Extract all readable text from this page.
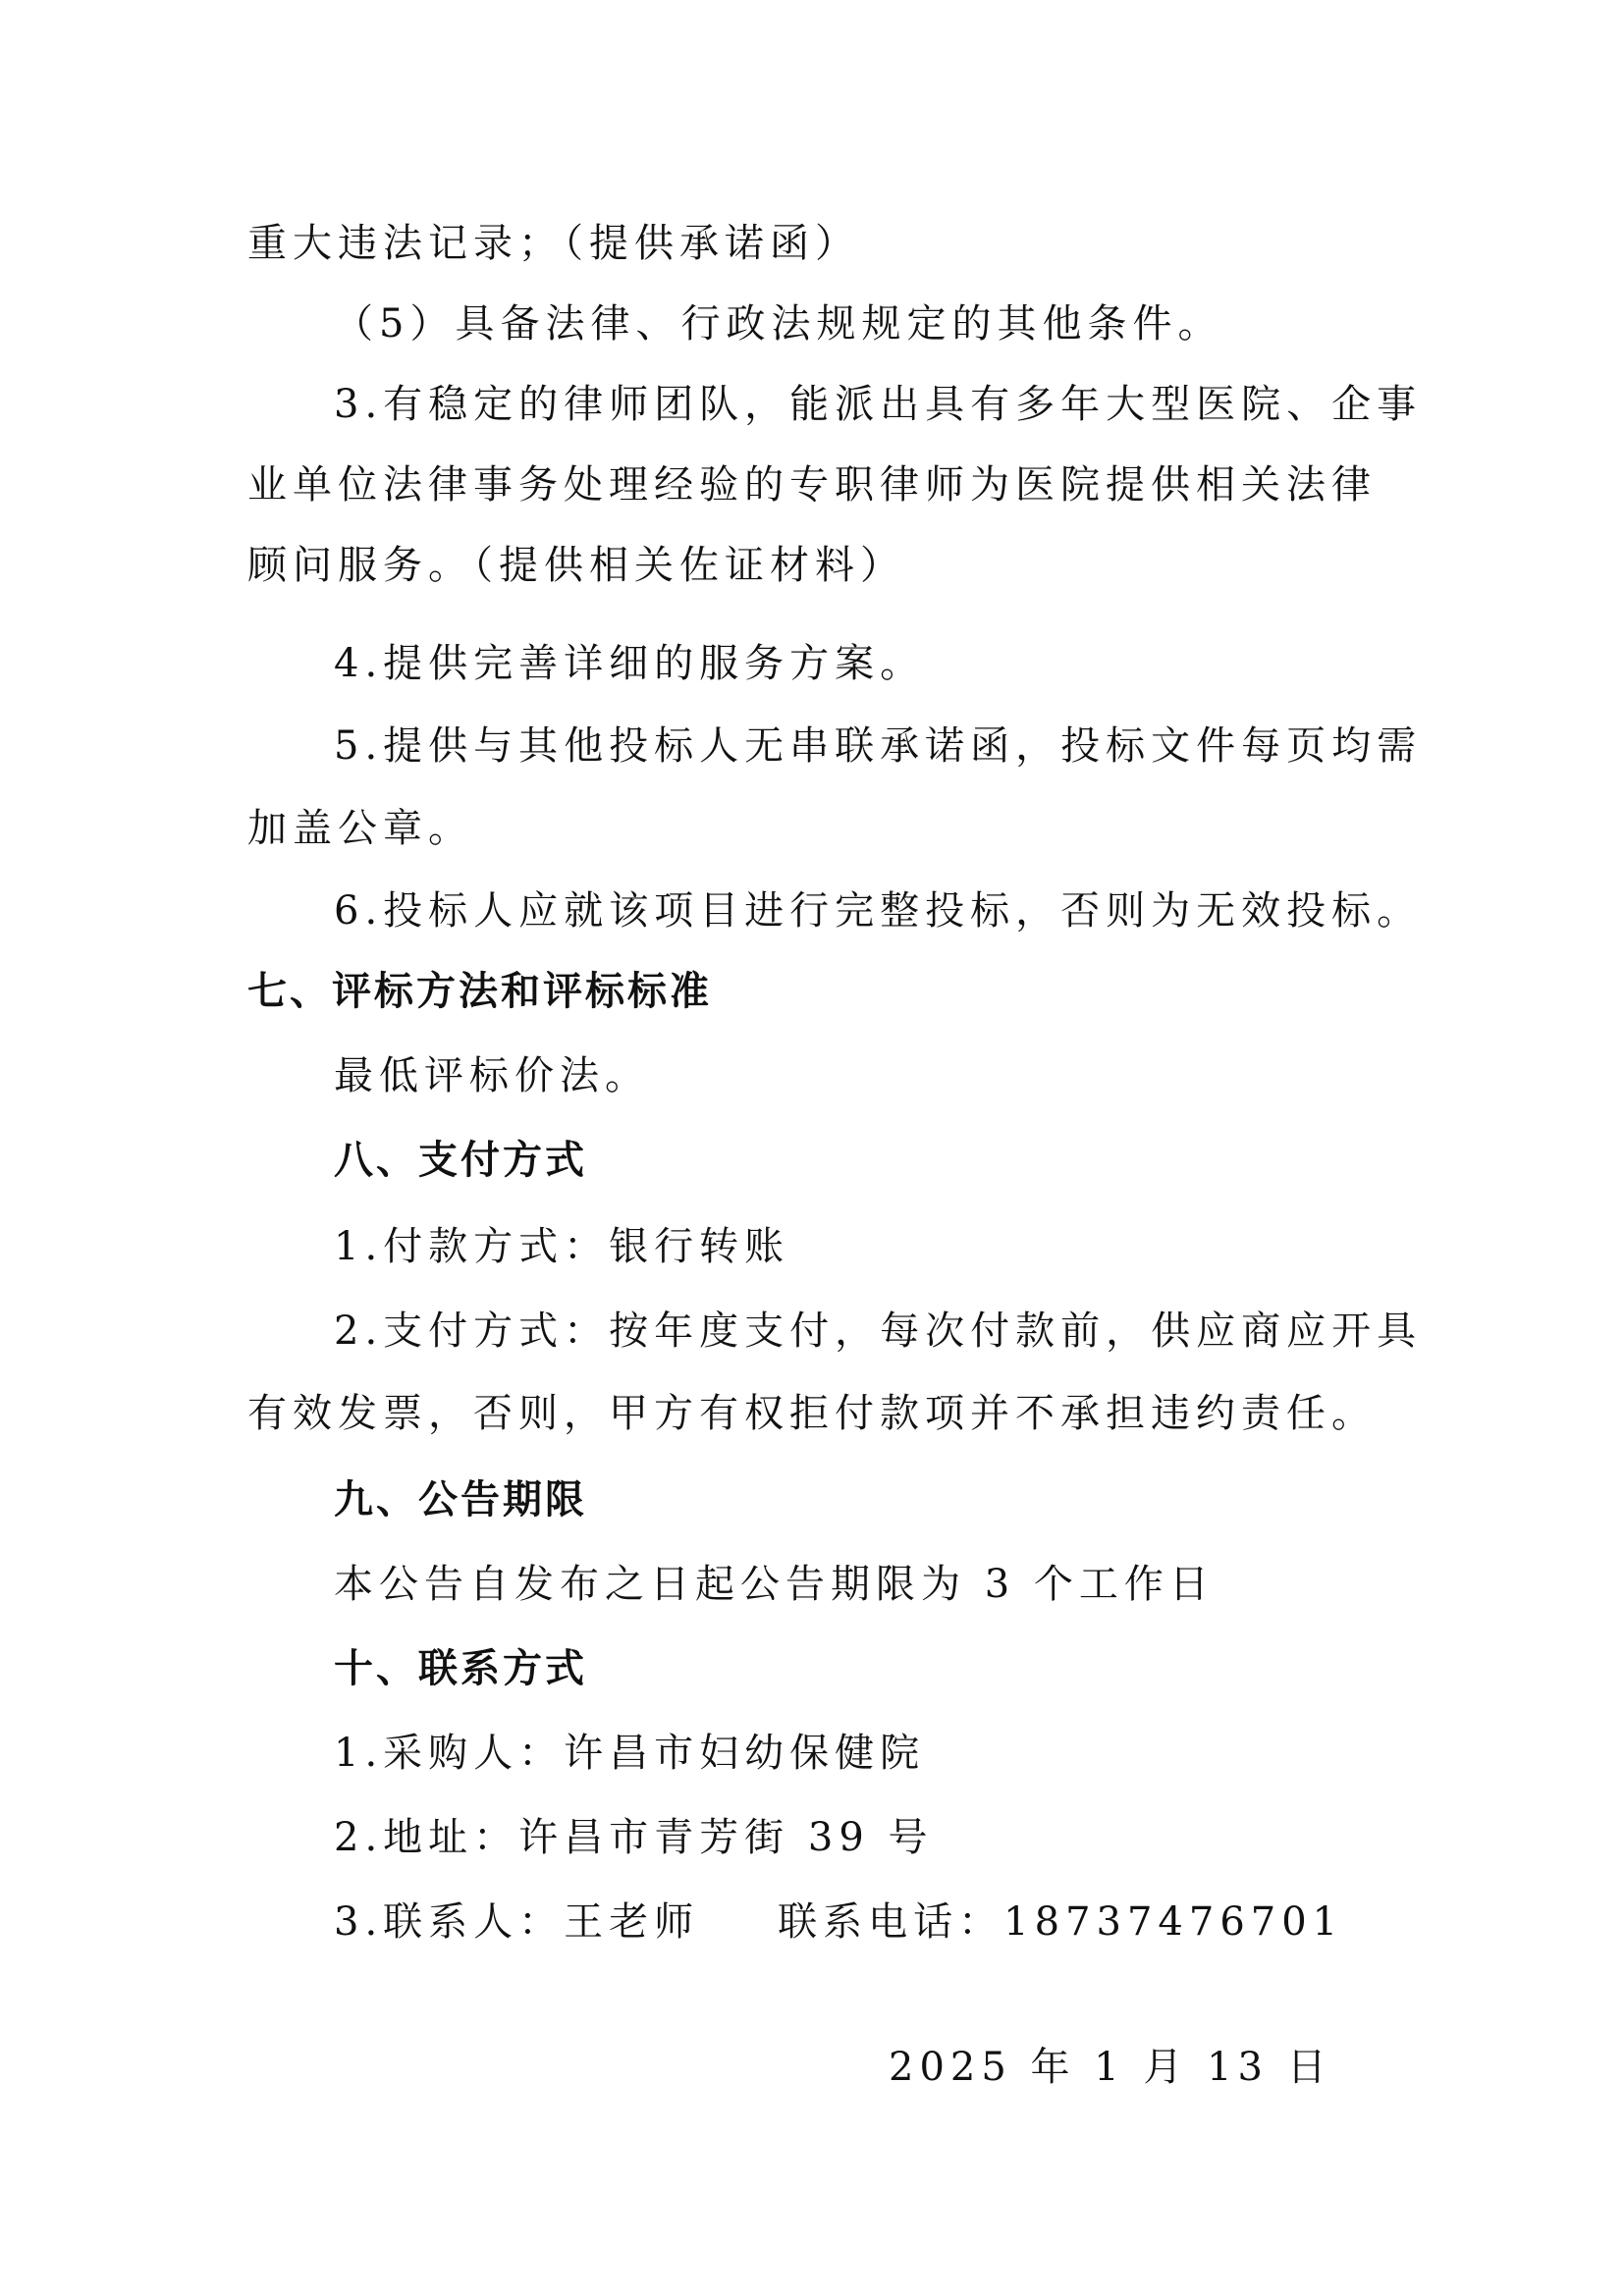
重大违法记录；（提供承诺函）
（5）具备法律、行政法规规定的其他条件。
3.有稳定的律师团队，能派出具有多年大型医院、企事
业单位法律事务处理经验的专职律师为医院提供相关法律
顾问服务。（提供相关佐证材料）
4.提供完善详细的服务方案。
5.提供与其他投标人无串联承诺函，投标文件每页均需
加盖公章。
6.投标人应就该项目进行完整投标，否则为无效投标。
七、评标方法和评标标准
最低评标价法。
八、支付方式
1.付款方式：银行转账
2.支付方式：按年度支付，每次付款前，供应商应开具
有效发票，否则，甲方有权拒付款项并不承担违约责任。
九、公告期限
本公告自发布之日起公告期限为 3 个工作日
十、联系方式
1.采购人：许昌市妇幼保健院
2.地址：许昌市青芳街 39 号
3.联系人：王老师 联系电话：18737476701
2025 年 1 月 13 日
